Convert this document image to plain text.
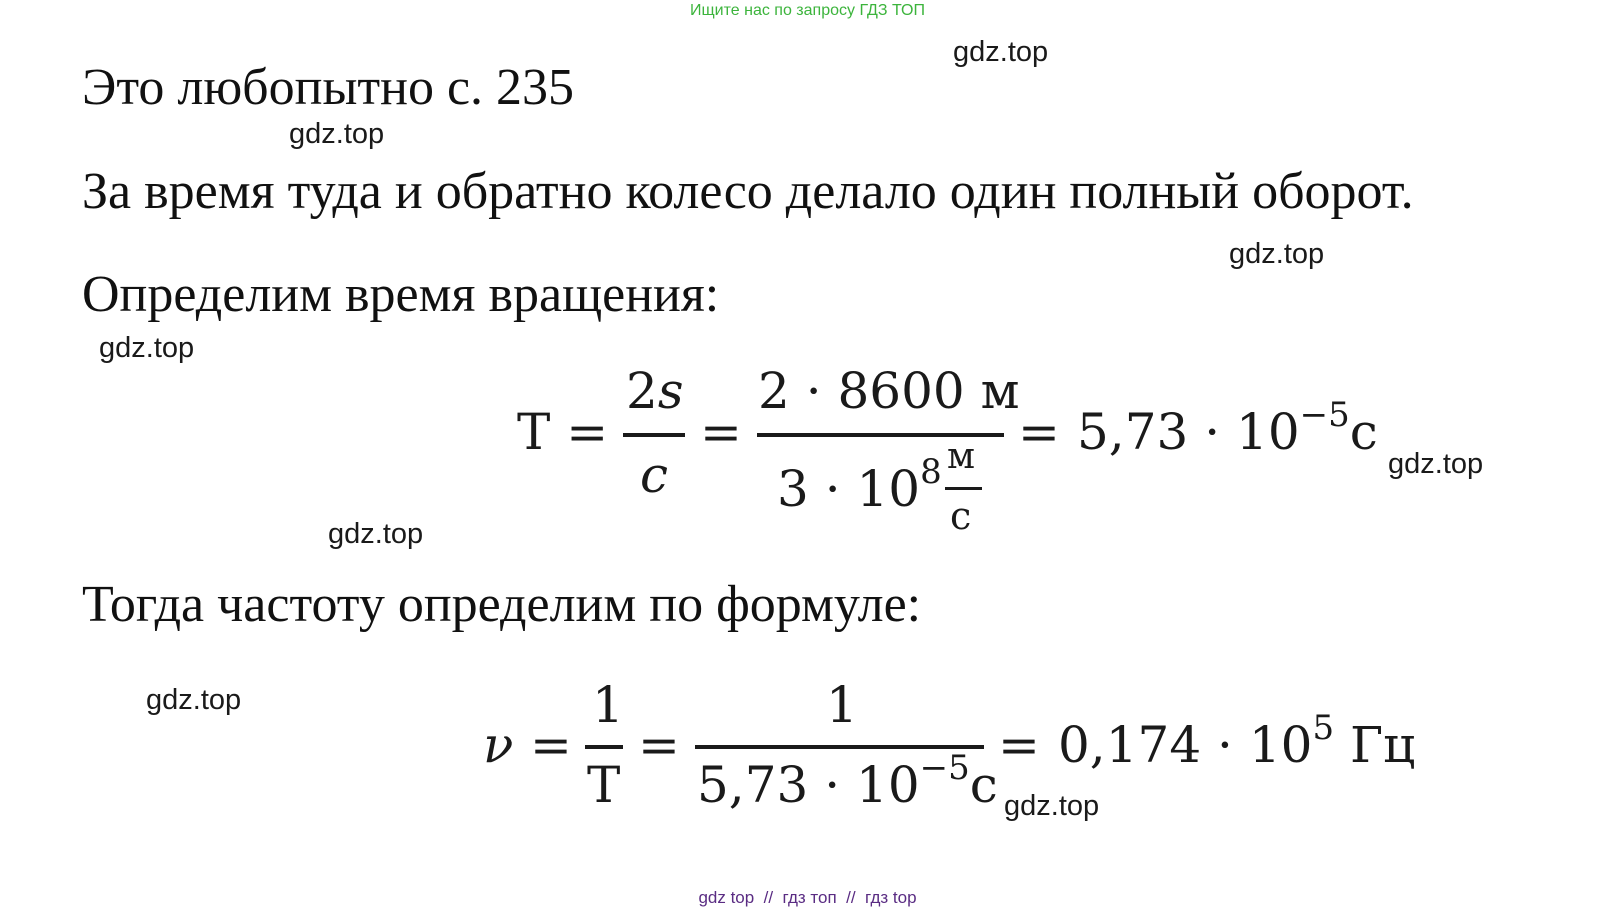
Ищите нас по запросу ГДЗ ТОП
Это любопытно с. 235
За время туда и обратно колесо делало один полный оборот.
Определим время вращения:
Тогда частоту определим по формуле:
gdz.top
gdz.top
gdz.top
gdz.top
gdz.top
gdz.top
gdz.top
gdz.top
T =
2s
c
=
2 · 8600 м
$3 \cdot 10^8$ м
с
= $5,73 \cdot 10^{-5}с$
ν =
1
T
=
1
$5,73 \cdot 10^{-5}с$
= $0,174 \cdot 10^5$ Гц
gdz top  //  гдз топ  //  гдз top
